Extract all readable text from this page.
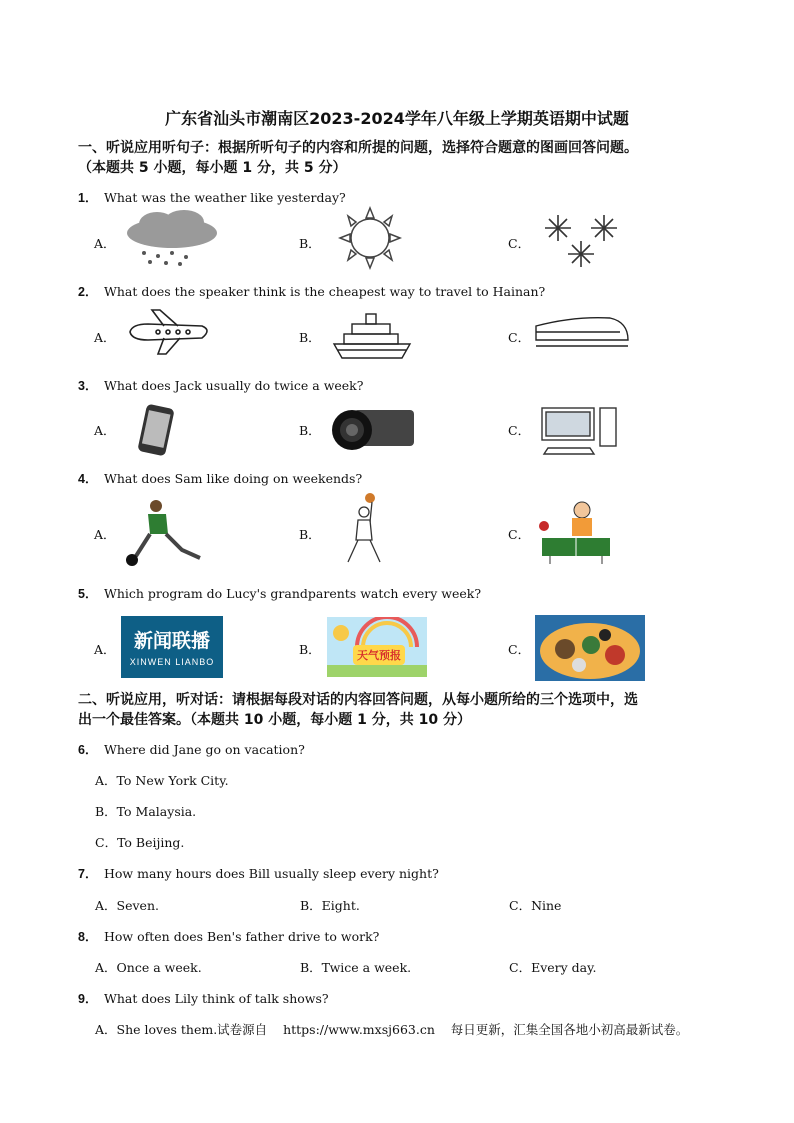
广东省汕头市潮南区2023-2024学年八年级上学期英语期中试题
一、听说应用听句子：根据所听句子的内容和所提的问题，选择符合题意的图画回答问题。
（本题共 5 小题，每小题 1 分，共 5 分）
1． What was the weather like yesterday?
A．	B．	C．
2． What does the speaker think is the cheapest way to travel to Hainan?
A．	B．	C．
3． What does Jack usually do twice a week?
A．	B．	C．
4． What does Sam like doing on weekends?
A．	B．	C．
5． Which program do Lucy's grandparents watch every week?
A． 新闻联播
XINWEN LIANBO
B．	天气预报	C．
二、听说应用，听对话：请根据每段对话的内容回答问题，从每小题所给的三个选项中，选
出一个最佳答案。（本题共 10 小题，每小题 1 分，共 10 分）
6． Where did Jane go on vacation?
A．To New York City.
B．To Malaysia.
C．To Beijing.
7． How many hours does Bill usually sleep every night?
A．Seven.	B．Eight.	C．Nine
8． How often does Ben's father drive to work?
A．Once a week.	B．Twice a week.	C．Every day.
9． What does Lily think of talk shows?
A．She loves them.试卷源自    https://www.mxsj663.cn    每日更新，汇集全国各地小初高最新试卷。
